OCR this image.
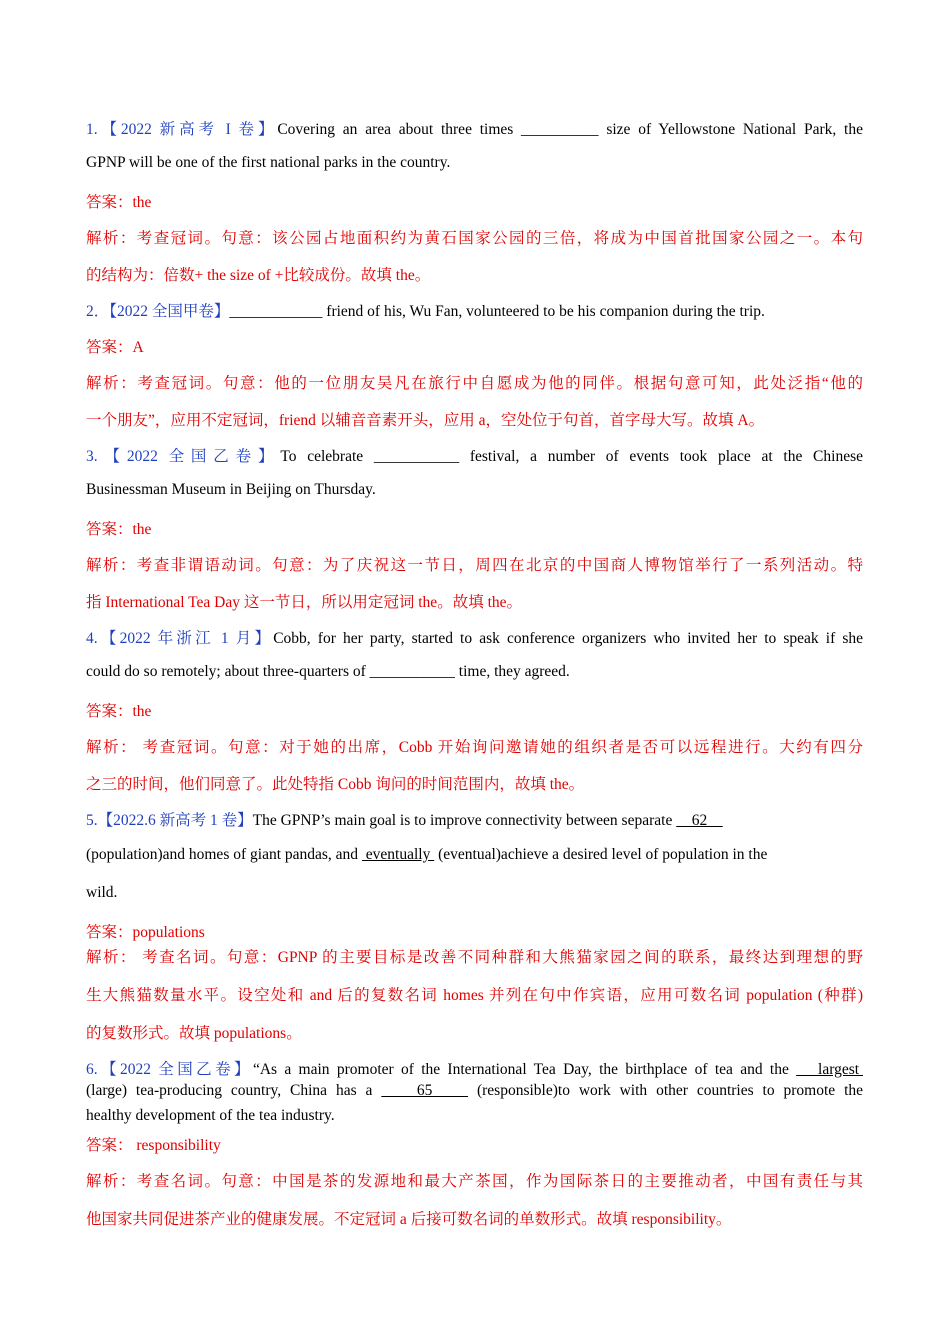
1.【2022 新高考 I 卷】Covering an area about three times __________ size of Yellowstone National Park, the
GPNP will be one of the first national parks in the country.
答案：the
解析：考查冠词。句意：该公园占地面积约为黄石国家公园的三倍，将成为中国首批国家公园之一。本句
的结构为：倍数+ the size of +比较成份。故填 the。
2．【2022 全国甲卷】____________ friend of his, Wu Fan, volunteered to be his companion during the trip.
答案：A
解析：考查冠词。句意：他的一位朋友吴凡在旅行中自愿成为他的同伴。根据句意可知，此处泛指“他的
一个朋友”，应用不定冠词，friend 以辅音音素开头，应用 a，空处位于句首，首字母大写。故填 A。
3.【2022 全国乙卷】To celebrate ___________ festival, a number of events took place at the Chinese
Businessman Museum in Beijing on Thursday.
答案：the
解析：考查非谓语动词。句意：为了庆祝这一节日，周四在北京的中国商人博物馆举行了一系列活动。特
指 International Tea Day 这一节日，所以用定冠词 the。故填 the。
4.【2022 年浙江 1 月】Cobb, for her party, started to ask conference organizers who invited her to speak if she
could do so remotely; about three-quarters of ___________ time, they agreed.
答案：the
解析： 考查冠词。句意：对于她的出席，Cobb 开始询问邀请她的组织者是否可以远程进行。大约有四分
之三的时间，他们同意了。此处特指 Cobb 询问的时间范围内，故填 the。
5.【2022.6 新高考 1 卷】The GPNP’s main goal is to improve connectivity between separate     62
(population)and homes of giant pandas, and  eventually  (eventual)achieve a desired level of population in the
wild.
答案：populations
解析： 考查名词。句意：GPNP 的主要目标是改善不同种群和大熊猫家园之间的联系，最终达到理想的野
生大熊猫数量水平。设空处和 and 后的复数名词 homes 并列在句中作宾语，应用可数名词 population (种群)
的复数形式。故填 populations。
6.【2022 全国乙卷】“As a main promoter of the International Tea Day, the birthplace of tea and the    largest
(large) tea-producing country, China has a     65     (responsible)to work with other countries to promote the
healthy development of the tea industry.
答案： responsibility
解析：考查名词。句意：中国是茶的发源地和最大产茶国，作为国际茶日的主要推动者，中国有责任与其
他国家共同促进茶产业的健康发展。不定冠词 a 后接可数名词的单数形式。故填 responsibility。
